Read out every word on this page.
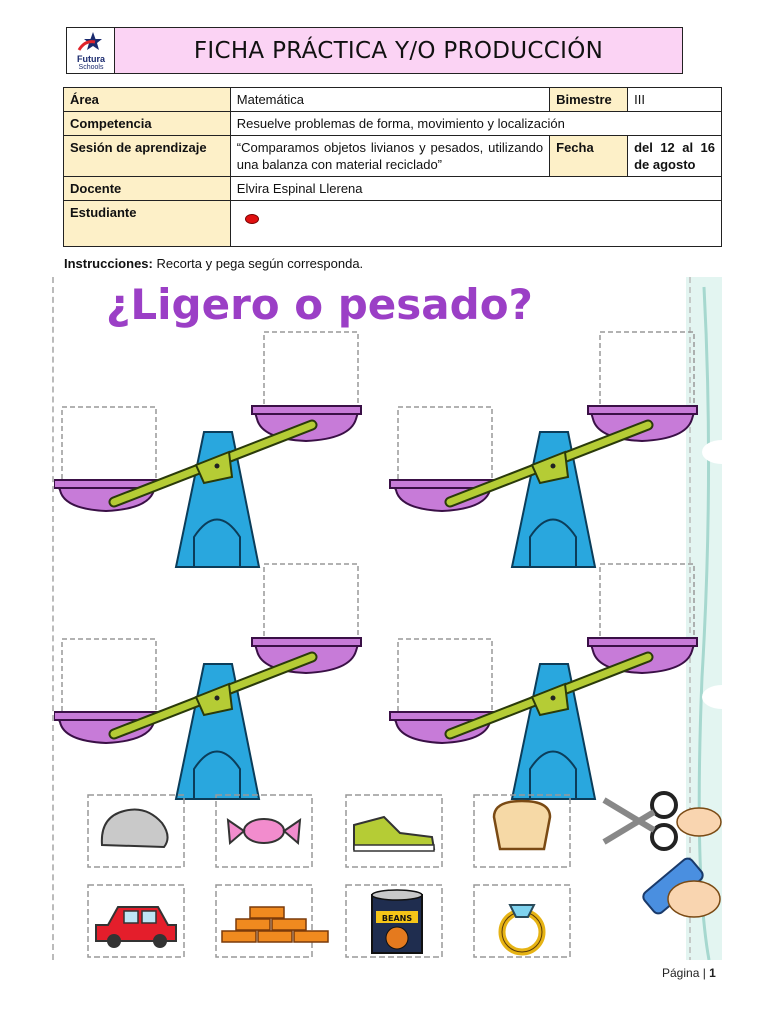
Futura
Schools
FICHA PRÁCTICA Y/O PRODUCCIÓN
Área	Matemática	Bimestre	III
Competencia	Resuelve problemas de forma, movimiento y localización		
Sesión de aprendizaje	“Comparamos objetos livianos y pesados, utilizando una balanza con material reciclado”	Fecha	del 12 al 16 de agosto
Docente	Elvira Espinal Llerena		
Estudiante			
Instrucciones: Recorta y pega según corresponda.
¿Ligero o pesado?
BEANS
Página | 1
